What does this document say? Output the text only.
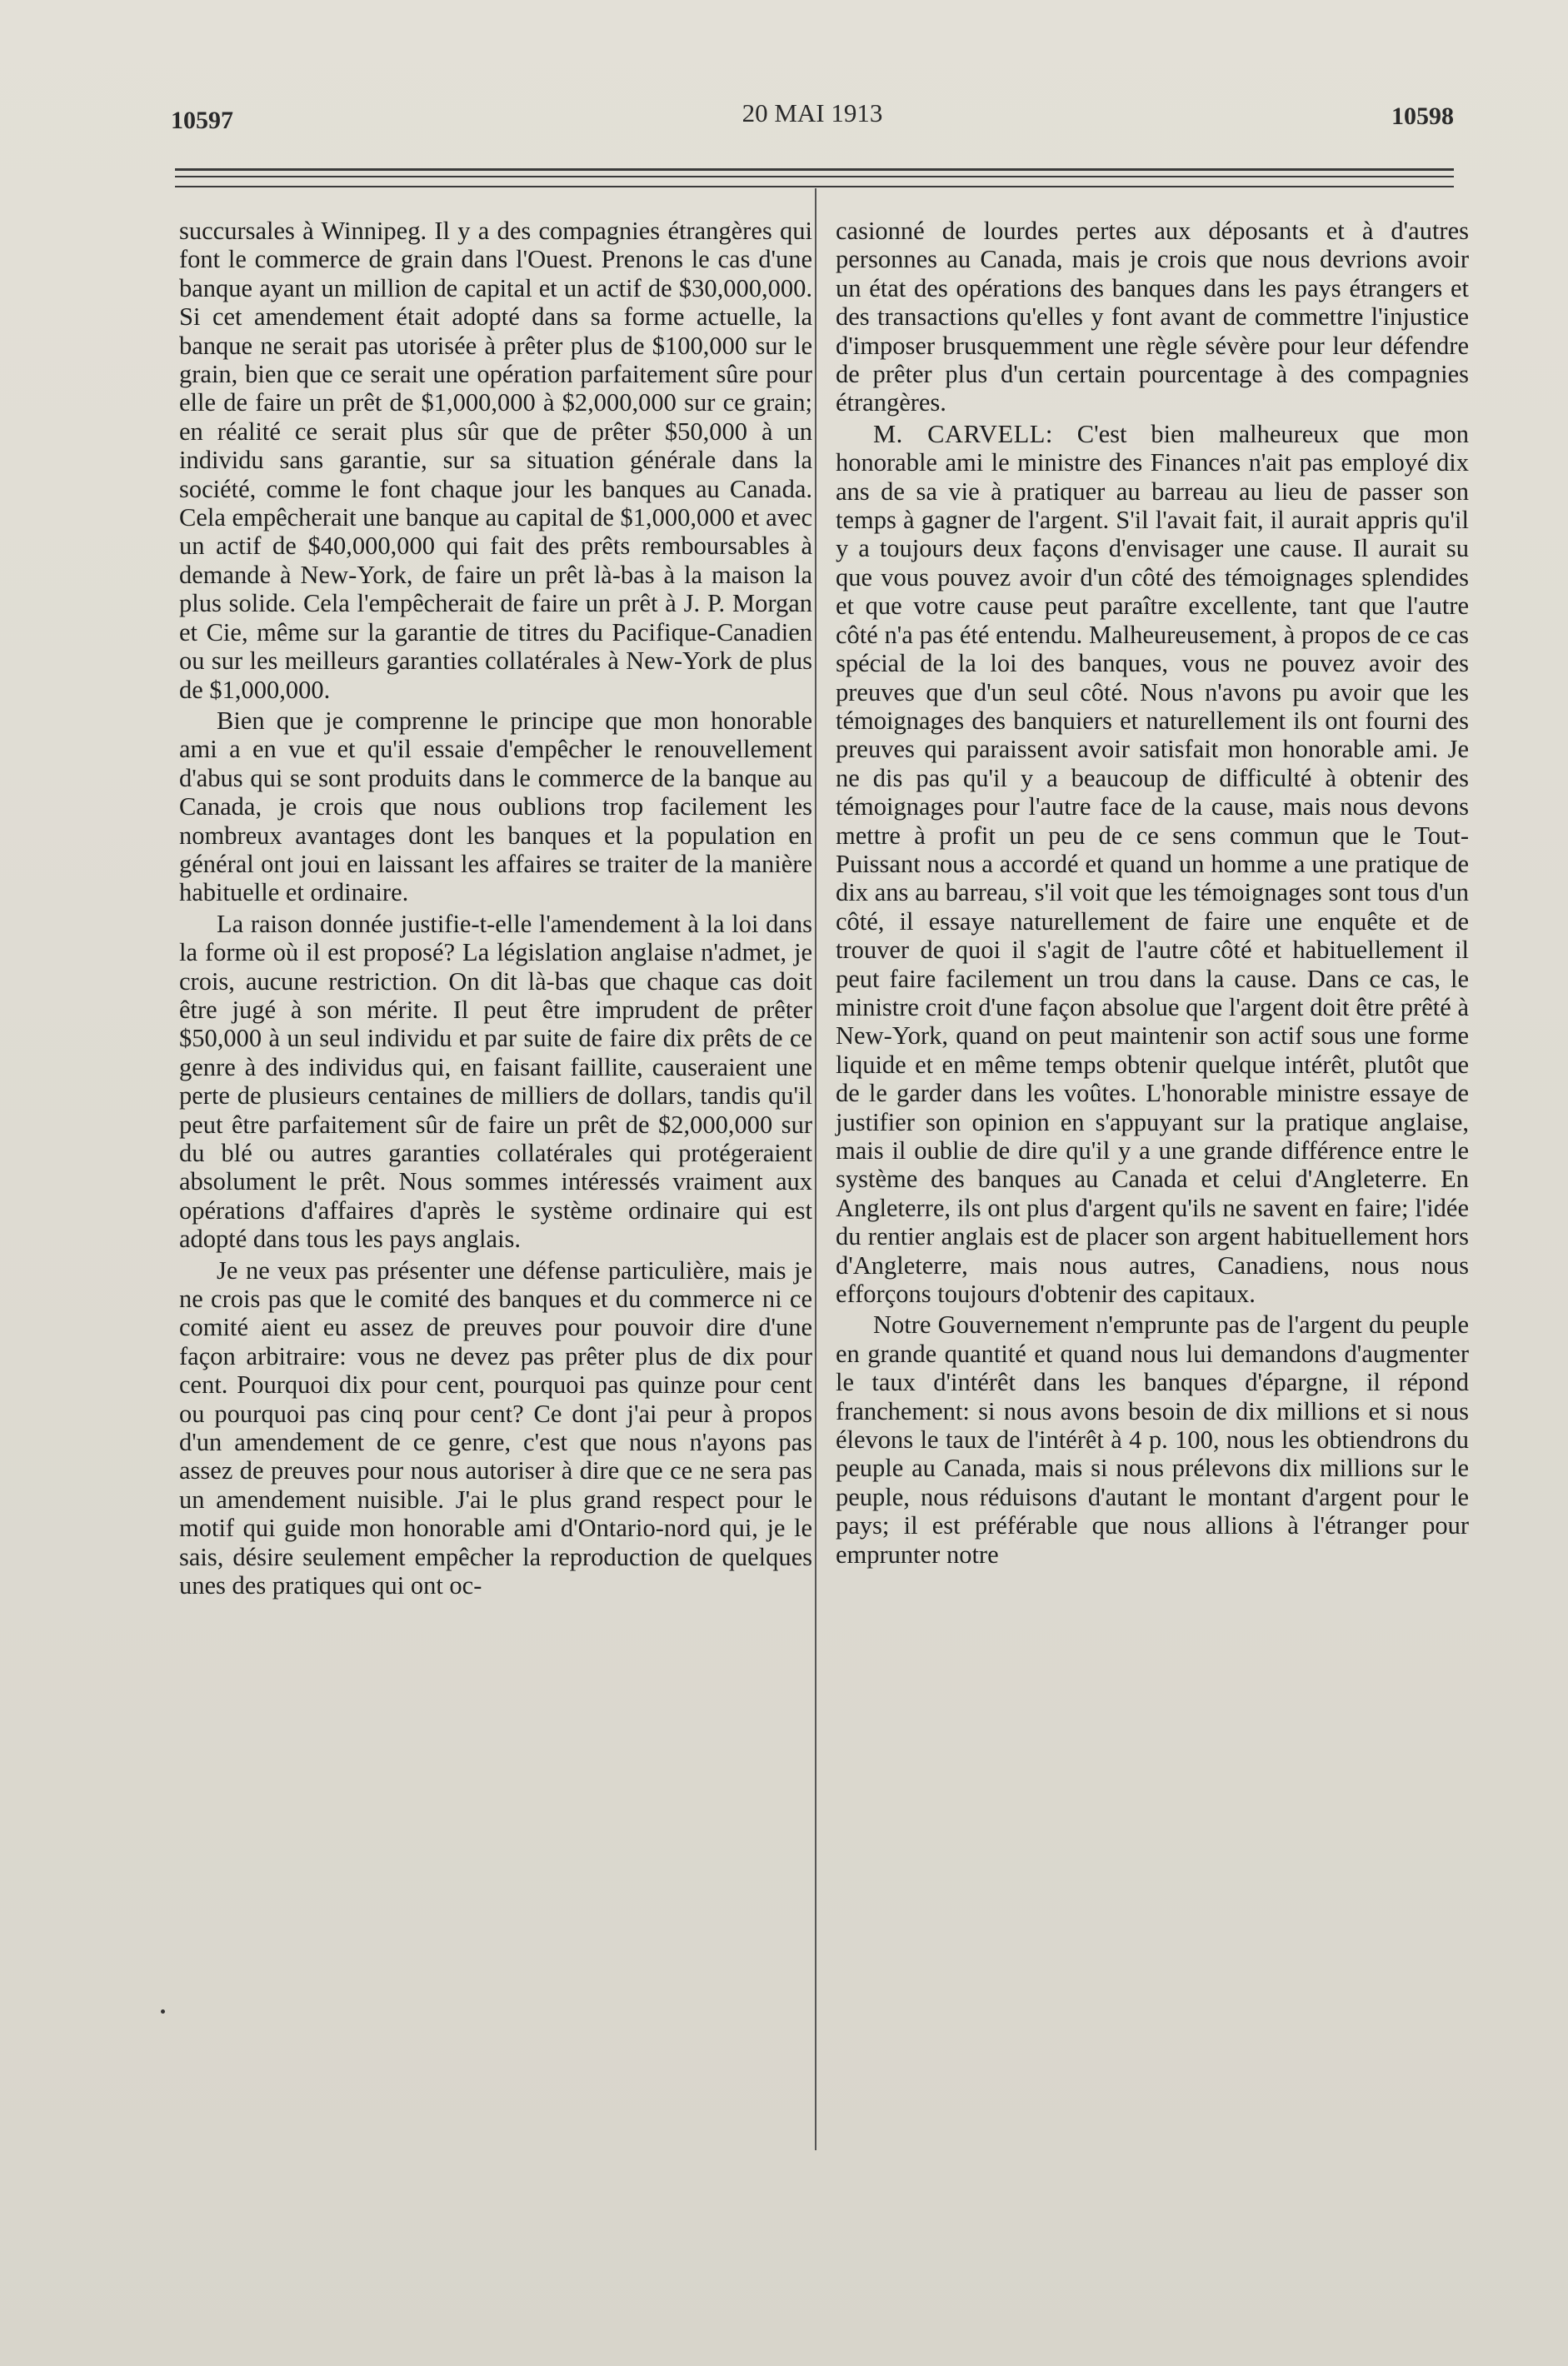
10597	20 MAI 1913	10598

succursales à Winnipeg. Il y a des compagnies étrangères qui font le commerce de grain dans l'Ouest. Prenons le cas d'une banque ayant un million de capital et un actif de $30,000,000. Si cet amendement était adopté dans sa forme actuelle, la banque ne serait pas utorisée à prêter plus de $100,000 sur le grain, bien que ce serait une opération parfaitement sûre pour elle de faire un prêt de $1,000,000 à $2,000,000 sur ce grain; en réalité ce serait plus sûr que de prêter $50,000 à un individu sans garantie, sur sa situation générale dans la société, comme le font chaque jour les banques au Canada. Cela empêcherait une banque au capital de $1,000,000 et avec un actif de $40,000,000 qui fait des prêts remboursables à demande à New-York, de faire un prêt là-bas à la maison la plus solide. Cela l'empêcherait de faire un prêt à J. P. Morgan et Cie, même sur la garantie de titres du Pacifique-Canadien ou sur les meilleurs garanties collatérales à New-York de plus de $1,000,000.

Bien que je comprenne le principe que mon honorable ami a en vue et qu'il essaie d'empêcher le renouvellement d'abus qui se sont produits dans le commerce de la banque au Canada, je crois que nous oublions trop facilement les nombreux avantages dont les banques et la population en général ont joui en laissant les affaires se traiter de la manière habituelle et ordinaire.

La raison donnée justifie-t-elle l'amendement à la loi dans la forme où il est proposé? La législation anglaise n'admet, je crois, aucune restriction. On dit là-bas que chaque cas doit être jugé à son mérite. Il peut être imprudent de prêter $50,000 à un seul individu et par suite de faire dix prêts de ce genre à des individus qui, en faisant faillite, causeraient une perte de plusieurs centaines de milliers de dollars, tandis qu'il peut être parfaitement sûr de faire un prêt de $2,000,000 sur du blé ou autres garanties collatérales qui protégeraient absolument le prêt. Nous sommes intéressés vraiment aux opérations d'affaires d'après le système ordinaire qui est adopté dans tous les pays anglais.

Je ne veux pas présenter une défense particulière, mais je ne crois pas que le comité des banques et du commerce ni ce comité aient eu assez de preuves pour pouvoir dire d'une façon arbitraire: vous ne devez pas prêter plus de dix pour cent. Pourquoi dix pour cent, pourquoi pas quinze pour cent ou pourquoi pas cinq pour cent? Ce dont j'ai peur à propos d'un amendement de ce genre, c'est que nous n'ayons pas assez de preuves pour nous autoriser à dire que ce ne sera pas un amendement nuisible. J'ai le plus grand respect pour le motif qui guide mon honorable ami d'Ontario-nord qui, je le sais, désire seulement empêcher la reproduction de quelques unes des pratiques qui ont oc-

casionné de lourdes pertes aux déposants et à d'autres personnes au Canada, mais je crois que nous devrions avoir un état des opérations des banques dans les pays étrangers et des transactions qu'elles y font avant de commettre l'injustice d'imposer brusquemment une règle sévère pour leur défendre de prêter plus d'un certain pourcentage à des compagnies étrangères.

M. CARVELL: C'est bien malheureux que mon honorable ami le ministre des Finances n'ait pas employé dix ans de sa vie à pratiquer au barreau au lieu de passer son temps à gagner de l'argent. S'il l'avait fait, il aurait appris qu'il y a toujours deux façons d'envisager une cause. Il aurait su que vous pouvez avoir d'un côté des témoignages splendides et que votre cause peut paraître excellente, tant que l'autre côté n'a pas été entendu. Malheureusement, à propos de ce cas spécial de la loi des banques, vous ne pouvez avoir des preuves que d'un seul côté. Nous n'avons pu avoir que les témoignages des banquiers et naturellement ils ont fourni des preuves qui paraissent avoir satisfait mon honorable ami. Je ne dis pas qu'il y a beaucoup de difficulté à obtenir des témoignages pour l'autre face de la cause, mais nous devons mettre à profit un peu de ce sens commun que le Tout-Puissant nous a accordé et quand un homme a une pratique de dix ans au barreau, s'il voit que les témoignages sont tous d'un côté, il essaye naturellement de faire une enquête et de trouver de quoi il s'agit de l'autre côté et habituellement il peut faire facilement un trou dans la cause. Dans ce cas, le ministre croit d'une façon absolue que l'argent doit être prêté à New-York, quand on peut maintenir son actif sous une forme liquide et en même temps obtenir quelque intérêt, plutôt que de le garder dans les voûtes. L'honorable ministre essaye de justifier son opinion en s'appuyant sur la pratique anglaise, mais il oublie de dire qu'il y a une grande différence entre le système des banques au Canada et celui d'Angleterre. En Angleterre, ils ont plus d'argent qu'ils ne savent en faire; l'idée du rentier anglais est de placer son argent habituellement hors d'Angleterre, mais nous autres, Canadiens, nous nous efforçons toujours d'obtenir des capitaux.

Notre Gouvernement n'emprunte pas de l'argent du peuple en grande quantité et quand nous lui demandons d'augmenter le taux d'intérêt dans les banques d'épargne, il répond franchement: si nous avons besoin de dix millions et si nous élevons le taux de l'intérêt à 4 p. 100, nous les obtiendrons du peuple au Canada, mais si nous prélevons dix millions sur le peuple, nous réduisons d'autant le montant d'argent pour le pays; il est préférable que nous allions à l'étranger pour emprunter notre
